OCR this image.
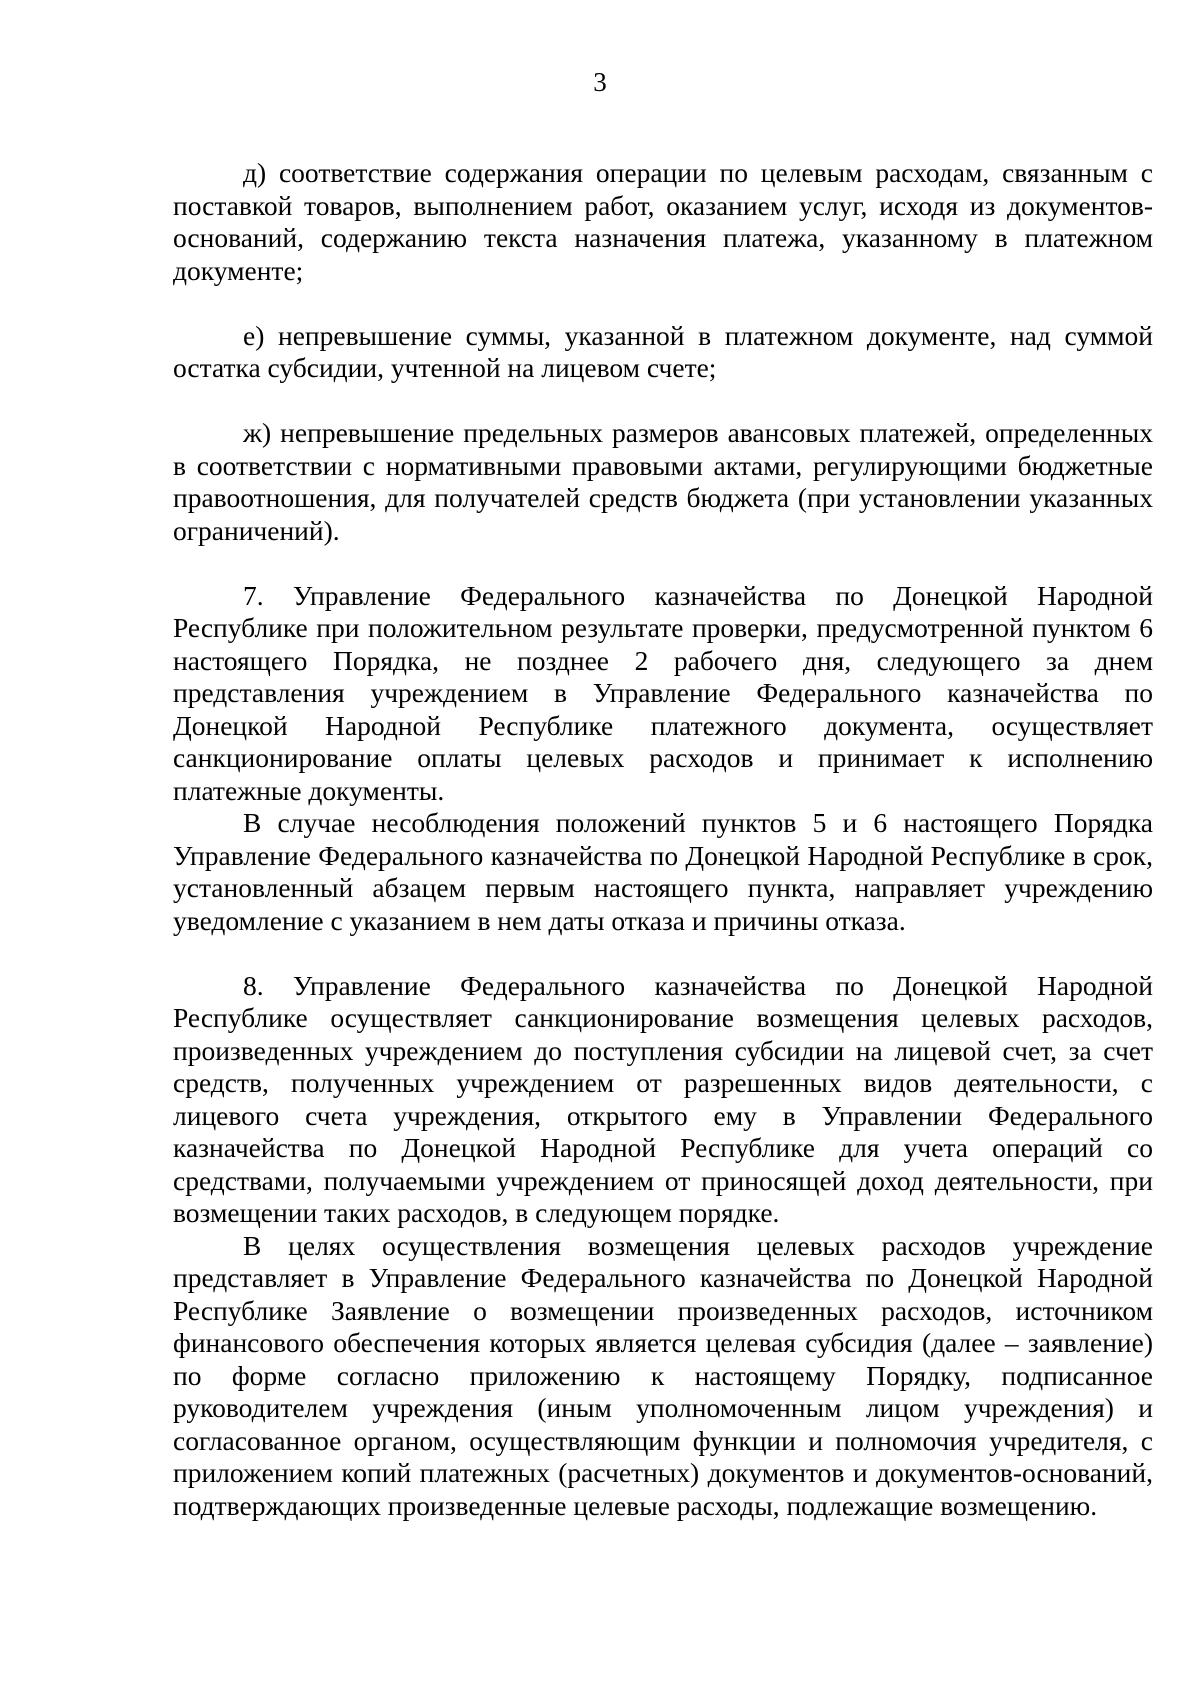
3

д) соответствие содержания операции по целевым расходам, связанным с поставкой товаров, выполнением работ, оказанием услуг, исходя из документов-оснований, содержанию текста назначения платежа, указанному в платежном документе;

е) непревышение суммы, указанной в платежном документе, над суммой остатка субсидии, учтенной на лицевом счете;

ж) непревышение предельных размеров авансовых платежей, определенных в соответствии с нормативными правовыми актами, регулирующими бюджетные правоотношения, для получателей средств бюджета (при установлении указанных ограничений).

7. Управление Федерального казначейства по Донецкой Народной Республике при положительном результате проверки, предусмотренной пунктом 6 настоящего Порядка, не позднее 2 рабочего дня, следующего за днем представления учреждением в Управление Федерального казначейства по Донецкой Народной Республике платежного документа, осуществляет санкционирование оплаты целевых расходов и принимает к исполнению платежные документы.

В случае несоблюдения положений пунктов 5 и 6 настоящего Порядка Управление Федерального казначейства по Донецкой Народной Республике в срок, установленный абзацем первым настоящего пункта, направляет учреждению уведомление с указанием в нем даты отказа и причины отказа.

8. Управление Федерального казначейства по Донецкой Народной Республике осуществляет санкционирование возмещения целевых расходов, произведенных учреждением до поступления субсидии на лицевой счет, за счет средств, полученных учреждением от разрешенных видов деятельности, с лицевого счета учреждения, открытого ему в Управлении Федерального казначейства по Донецкой Народной Республике для учета операций со средствами, получаемыми учреждением от приносящей доход деятельности, при возмещении таких расходов, в следующем порядке.

В целях осуществления возмещения целевых расходов учреждение представляет в Управление Федерального казначейства по Донецкой Народной Республике Заявление о возмещении произведенных расходов, источником финансового обеспечения которых является целевая субсидия (далее – заявление) по форме согласно приложению к настоящему Порядку, подписанное руководителем учреждения (иным уполномоченным лицом учреждения) и согласованное органом, осуществляющим функции и полномочия учредителя, с приложением копий платежных (расчетных) документов и документов-оснований, подтверждающих произведенные целевые расходы, подлежащие возмещению.
